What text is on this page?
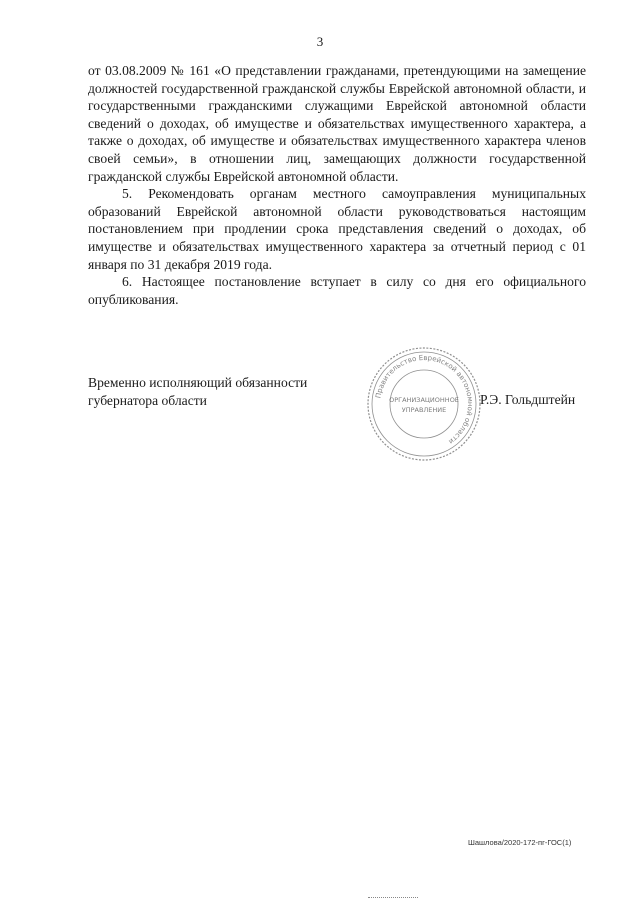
3

от 03.08.2009 № 161 «О представлении гражданами, претендующими на замещение должностей государственной гражданской службы Еврейской автономной области, и государственными гражданскими служащими Еврейской автономной области сведений о доходах, об имуществе и обязательствах имущественного характера, а также о доходах, об имуществе и обязательствах имущественного характера членов своей семьи», в отношении лиц, замещающих должности государственной гражданской службы Еврейской автономной области.

5. Рекомендовать органам местного самоуправления муниципальных образований Еврейской автономной области руководствоваться настоящим постановлением при продлении срока представления сведений о доходах, об имуществе и обязательствах имущественного характера за отчетный период с 01 января по 31 декабря 2019 года.

6. Настоящее постановление вступает в силу со дня его официального опубликования.

Временно исполняющий обязанности
губернатора области	Р.Э. Гольдштейн
Правительство Еврейской автономной области
ОРГАНИЗАЦИОННОЕ
УПРАВЛЕНИЕ
Шашлова/2020-172-пг-ГОС(1)
